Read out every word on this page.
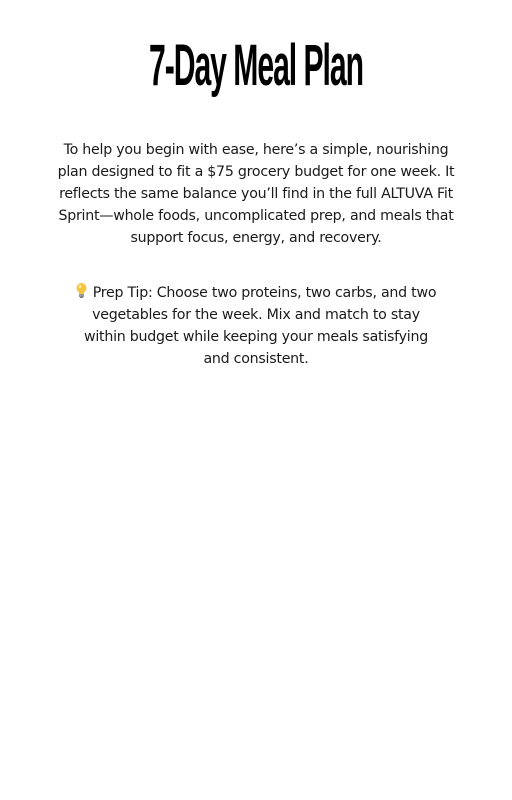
7-Day Meal Plan

To help you begin with ease, here’s a simple, nourishing plan designed to fit a $75 grocery budget for one week. It reflects the same balance you’ll find in the full ALTUVA Fit Sprint—whole foods, uncomplicated prep, and meals that support focus, energy, and recovery.

Prep Tip: Choose two proteins, two carbs, and two vegetables for the week. Mix and match to stay within budget while keeping your meals satisfying and consistent.
